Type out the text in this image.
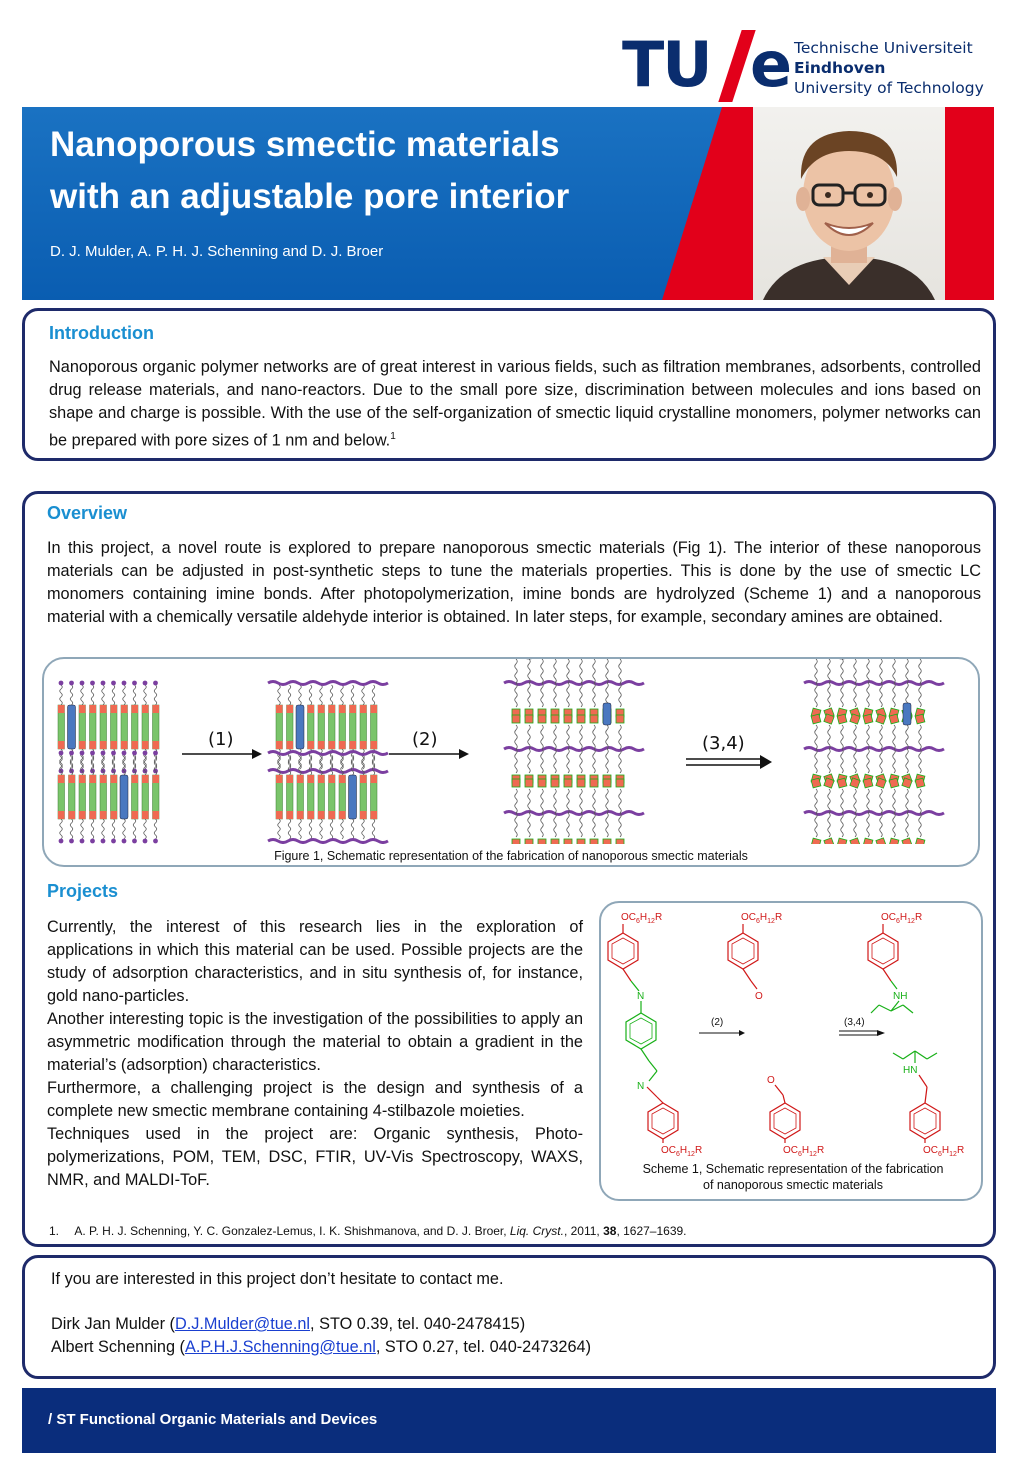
TU e Technische Universiteit
Eindhoven
University of Technology
Nanoporous smectic materials
with an adjustable pore interior
D. J. Mulder, A. P. H. J. Schenning and D. J. Broer
Introduction

Nanoporous organic polymer networks are of great interest in various fields, such as filtration membranes, adsorbents, controlled drug release materials, and nano-reactors. Due to the small pore size, discrimination between molecules and ions based on shape and charge is possible. With the use of the self-organization of smectic liquid crystalline monomers, polymer networks can be prepared with pore sizes of 1 nm and below.$^1$

Overview

In this project, a novel route is explored to prepare nanoporous smectic materials (Fig 1). The interior of these nanoporous materials can be adjusted in post-synthetic steps to tune the materials properties. This is done by the use of smectic LC monomers containing imine bonds. After photopolymerization, imine bonds are hydrolyzed (Scheme 1) and a nanoporous material with a chemically versatile aldehyde interior is obtained. In later steps, for example, secondary amines are obtained.

(1)	(2)	(3,4)
Figure 1, Schematic representation of the fabrication of nanoporous smectic materials
Projects

Currently, the interest of this research lies in the exploration of applications in which this material can be used. Possible projects are the study of adsorption characteristics, and in situ synthesis of, for instance, gold nano-particles.

Another interesting topic is the investigation of the possibilities to apply an asymmetric modification through the material to obtain a gradient in the material’s (adsorption) characteristics.

Furthermore, a challenging project is the design and synthesis of a complete new smectic membrane containing 4-stilbazole moieties.

Techniques used in the project are: Organic synthesis, Photo-polymerizations, POM, TEM, DSC, FTIR, UV-Vis Spectroscopy, WAXS, NMR, and MALDI-ToF.

$OC_6H_{12}R$
N
N
$OC_6H_{12}R$
$OC_6H_{12}R$
O
O
$OC_6H_{12}R$
$OC_6H_{12}R$
NH
HN
$OC_6H_{12}R$
(2)	(3,4)
Scheme 1, Schematic representation of the fabrication
of nanoporous smectic materials
1. A. P. H. J. Schenning, Y. C. Gonzalez-Lemus, I. K. Shishmanova, and D. J. Broer, Liq. Cryst., 2011, 38, 1627–1639.
If you are interested in this project don’t hesitate to contact me.
Dirk Jan Mulder (D.J.Mulder@tue.nl, STO 0.39, tel. 040-2478415)
Albert Schenning (A.P.H.J.Schenning@tue.nl, STO 0.27, tel. 040-2473264)
/ ST Functional Organic Materials and Devices
